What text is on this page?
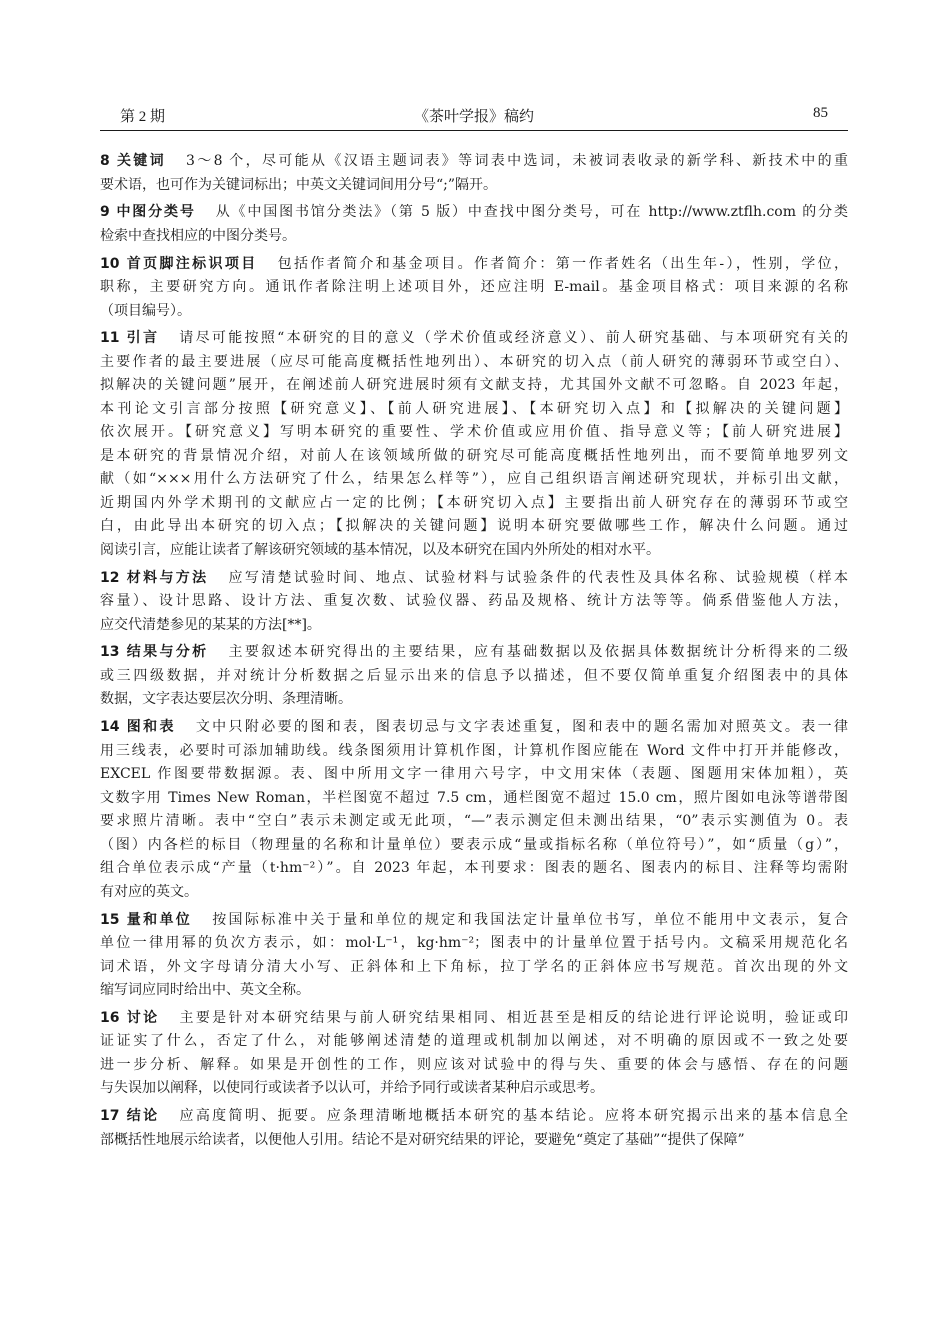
第 2 期	《茶叶学报》稿约	85
8 关键词 3～8 个，尽可能从《汉语主题词表》等词表中选词，未被词表收录的新学科、新技术中的重
要术语，也可作为关键词标出；中英文关键词间用分号“;”隔开。
9 中图分类号 从《中国图书馆分类法》（第 5 版）中查找中图分类号，可在 http://www.ztflh.com 的分类
检索中查找相应的中图分类号。
10 首页脚注标识项目 包括作者简介和基金项目。作者简介：第一作者姓名（出生年-），性别，学位，
职称，主要研究方向。通讯作者除注明上述项目外，还应注明 E-mail。基金项目格式：项目来源的名称
（项目编号）。
11 引言 请尽可能按照“本研究的目的意义（学术价值或经济意义）、前人研究基础、与本项研究有关的
主要作者的最主要进展（应尽可能高度概括性地列出）、本研究的切入点（前人研究的薄弱环节或空白）、
拟解决的关键问题”展开，在阐述前人研究进展时须有文献支持，尤其国外文献不可忽略。自 2023 年起，
本刊论文引言部分按照【研究意义】、【前人研究进展】、【本研究切入点】和【拟解决的关键问题】
依次展开。【研究意义】写明本研究的重要性、学术价值或应用价值、指导意义等；【前人研究进展】
是本研究的背景情况介绍，对前人在该领域所做的研究尽可能高度概括性地列出，而不要简单地罗列文
献（如“×××用什么方法研究了什么，结果怎么样等”），应自己组织语言阐述研究现状，并标引出文献，
近期国内外学术期刊的文献应占一定的比例；【本研究切入点】主要指出前人研究存在的薄弱环节或空
白，由此导出本研究的切入点；【拟解决的关键问题】说明本研究要做哪些工作，解决什么问题。通过
阅读引言，应能让读者了解该研究领域的基本情况，以及本研究在国内外所处的相对水平。
12 材料与方法 应写清楚试验时间、地点、试验材料与试验条件的代表性及具体名称、试验规模（样本
容量）、设计思路、设计方法、重复次数、试验仪器、药品及规格、统计方法等等。倘系借鉴他人方法，
应交代清楚参见的某某的方法[**]。
13 结果与分析 主要叙述本研究得出的主要结果，应有基础数据以及依据具体数据统计分析得来的二级
或三四级数据，并对统计分析数据之后显示出来的信息予以描述，但不要仅简单重复介绍图表中的具体
数据，文字表达要层次分明、条理清晰。
14 图和表 文中只附必要的图和表，图表切忌与文字表述重复，图和表中的题名需加对照英文。表一律
用三线表，必要时可添加辅助线。线条图须用计算机作图，计算机作图应能在 Word 文件中打开并能修改，
EXCEL 作图要带数据源。表、图中所用文字一律用六号字，中文用宋体（表题、图题用宋体加粗），英
文数字用 Times New Roman，半栏图宽不超过 7.5 cm，通栏图宽不超过 15.0 cm，照片图如电泳等谱带图
要求照片清晰。表中“空白”表示未测定或无此项，“—”表示测定但未测出结果，“0”表示实测值为 0。表
（图）内各栏的标目（物理量的名称和计量单位）要表示成“量或指标名称（单位符号）”，如“质量（g）”，
组合单位表示成“产量（t·hm⁻²）”。自 2023 年起，本刊要求：图表的题名、图表内的标目、注释等均需附
有对应的英文。
15 量和单位 按国际标准中关于量和单位的规定和我国法定计量单位书写，单位不能用中文表示，复合
单位一律用幂的负次方表示，如：mol·L⁻¹，kg·hm⁻²；图表中的计量单位置于括号内。文稿采用规范化名
词术语，外文字母请分清大小写、正斜体和上下角标，拉丁学名的正斜体应书写规范。首次出现的外文
缩写词应同时给出中、英文全称。
16 讨论 主要是针对本研究结果与前人研究结果相同、相近甚至是相反的结论进行评论说明，验证或印
证证实了什么，否定了什么，对能够阐述清楚的道理或机制加以阐述，对不明确的原因或不一致之处要
进一步分析、解释。如果是开创性的工作，则应该对试验中的得与失、重要的体会与感悟、存在的问题
与失误加以阐释，以使同行或读者予以认可，并给予同行或读者某种启示或思考。
17 结论 应高度简明、扼要。应条理清晰地概括本研究的基本结论。应将本研究揭示出来的基本信息全
部概括性地展示给读者，以便他人引用。结论不是对研究结果的评论，要避免“奠定了基础”“提供了保障”
